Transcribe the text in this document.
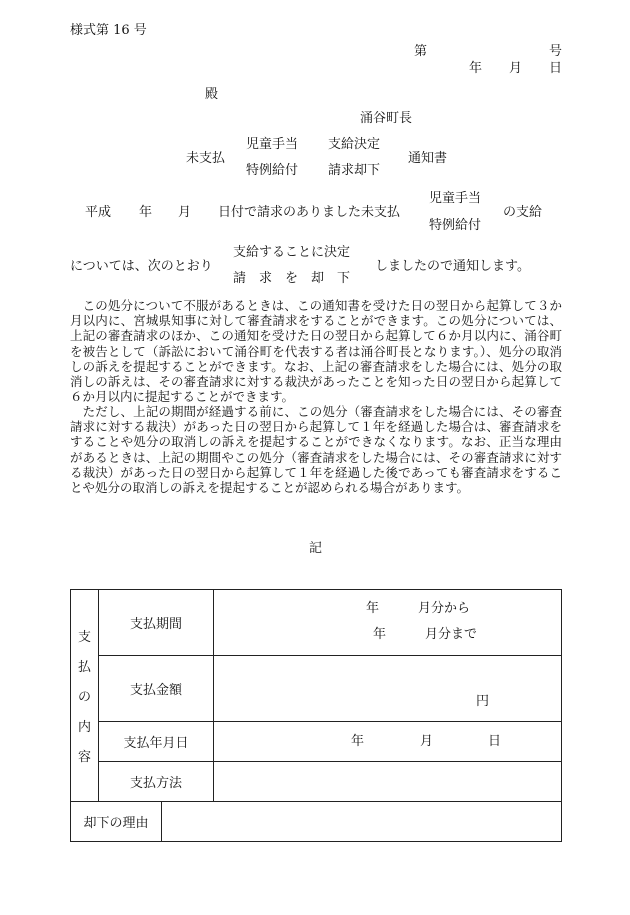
様式第 16 号
第	号
年 月 日
殿
涌谷町長
未支払
児童手当
特例給付
支給決定
請求却下
通知書
平成 年 月 日付で請求のありました未支払
児童手当
特例給付
の支給
については、次のとおり
支給することに決定
請　求　を　却　下
しましたので通知します。

　この処分について不服があるときは、この通知書を受けた日の翌日から起算して３か月以内に、宮城県知事に対して審査請求をすることができます。この処分については、上記の審査請求のほか、この通知を受けた日の翌日から起算して６か月以内に、涌谷町を被告として（訴訟において涌谷町を代表する者は涌谷町長となります。）、処分の取消しの訴えを提起することができます。なお、上記の審査請求をした場合には、処分の取消しの訴えは、その審査請求に対する裁決があったことを知った日の翌日から起算して６か月以内に提起することができます。

　ただし、上記の期間が経過する前に、この処分（審査請求をした場合には、その審査請求に対する裁決）があった日の翌日から起算して１年を経過した場合は、審査請求をすることや処分の取消しの訴えを提起することができなくなります。なお、正当な理由があるときは、上記の期間やこの処分（審査請求をした場合には、その審査請求に対する裁決）があった日の翌日から起算して１年を経過した後であっても審査請求をすることや処分の取消しの訴えを提起することが認められる場合があります。

記
支
払
の
内
容	支払期間	年　　　月分から
年　　　月分まで

	支払金額	円

	支払年月日	年 月 日

	支払方法	
却下の理由	
